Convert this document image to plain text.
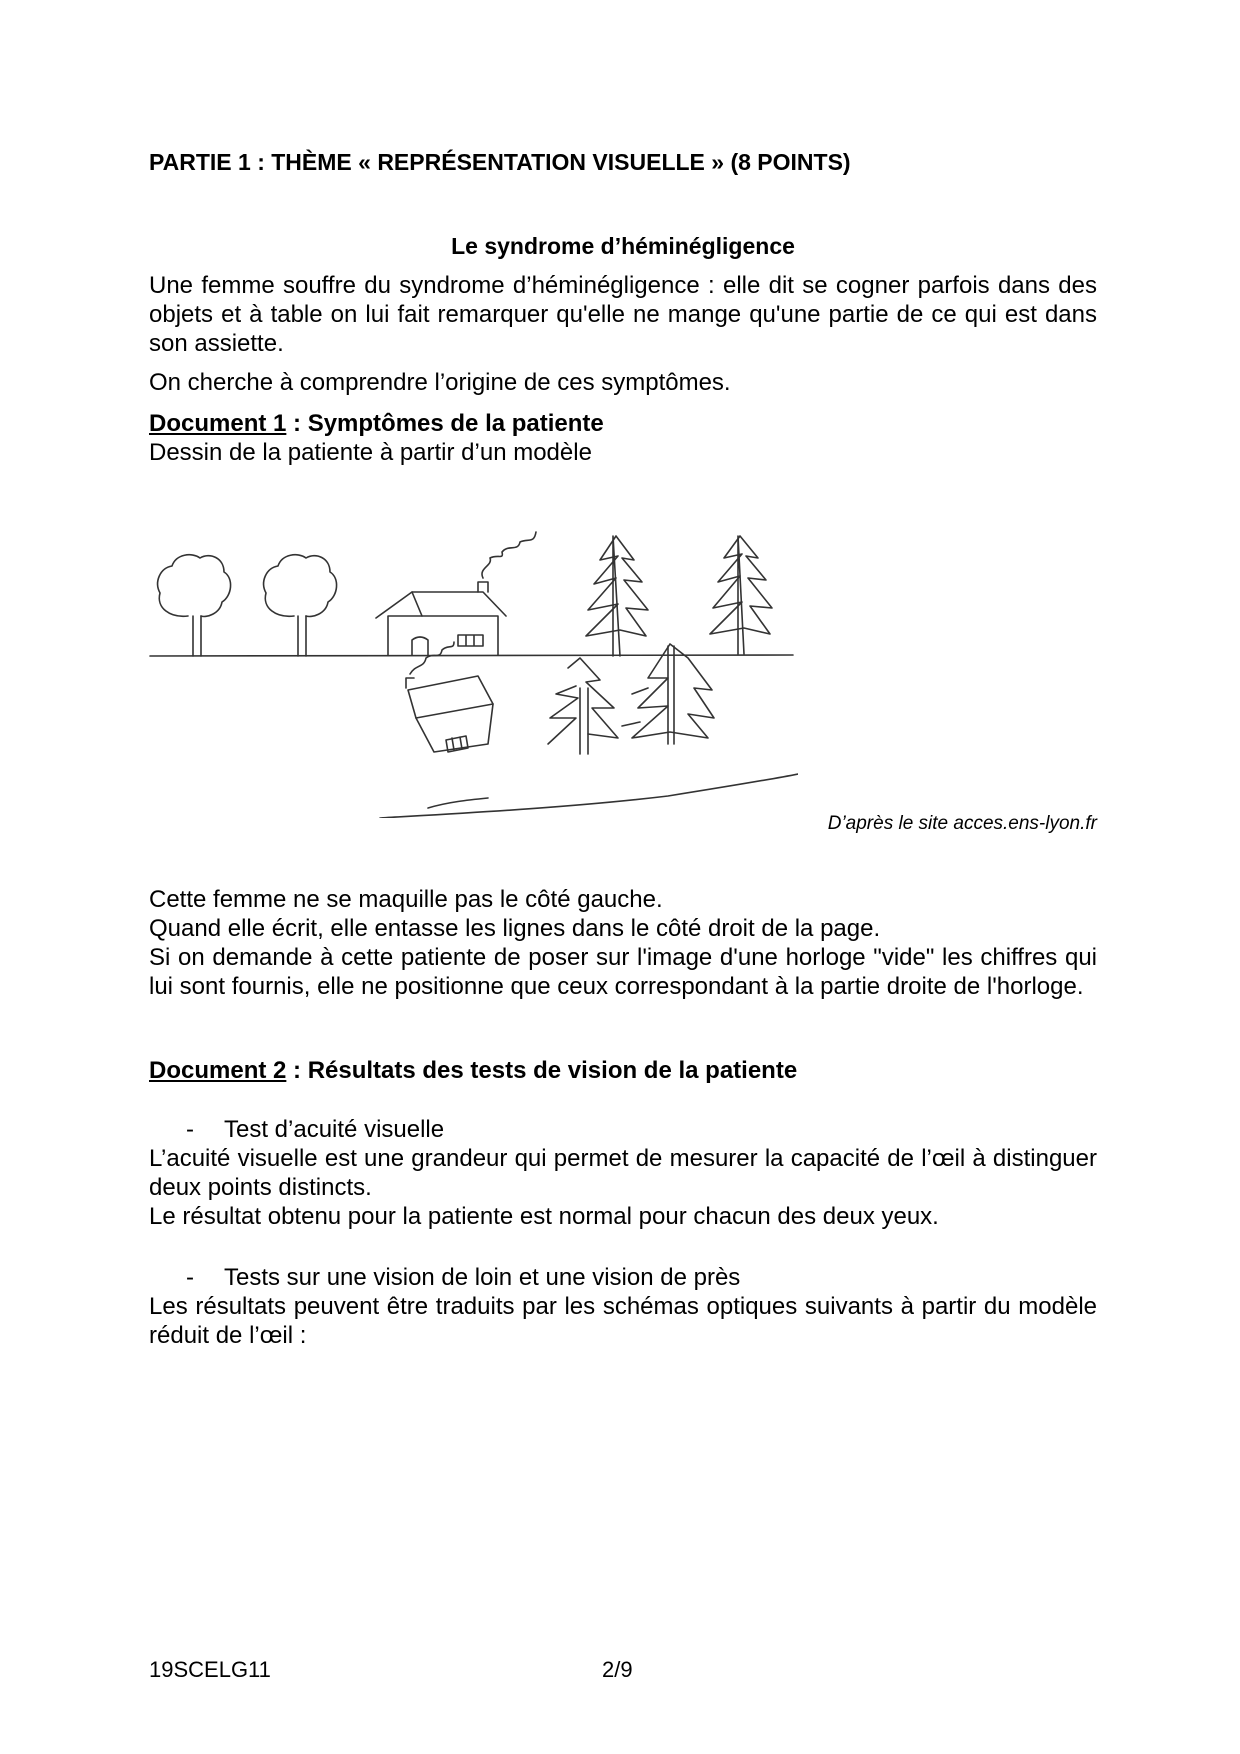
PARTIE 1 : THÈME « REPRÉSENTATION VISUELLE » (8 POINTS)

Le syndrome d’héminégligence

Une femme souffre du syndrome d’héminégligence : elle dit se cogner parfois dans des objets et à table on lui fait remarquer qu'elle ne mange qu'une partie de ce qui est dans son assiette.

On cherche à comprendre l’origine de ces symptômes.

Document 1 : Symptômes de la patiente

Dessin de la patiente à partir d’un modèle

D’après le site acces.ens-lyon.fr

Cette femme ne se maquille pas le côté gauche.

Quand elle écrit, elle entasse les lignes dans le côté droit de la page.

Si on demande à cette patiente de poser sur l'image d'une horloge "vide" les chiffres qui lui sont fournis, elle ne positionne que ceux correspondant à la partie droite de l'horloge.

Document 2 : Résultats des tests de vision de la patiente

- Test d’acuité visuelle

L’acuité visuelle est une grandeur qui permet de mesurer la capacité de l’œil à distinguer deux points distincts.

Le résultat obtenu pour la patiente est normal pour chacun des deux yeux.

- Tests sur une vision de loin et une vision de près

Les résultats peuvent être traduits par les schémas optiques suivants à partir du modèle réduit de l’œil :

19SCELG11	2/9
